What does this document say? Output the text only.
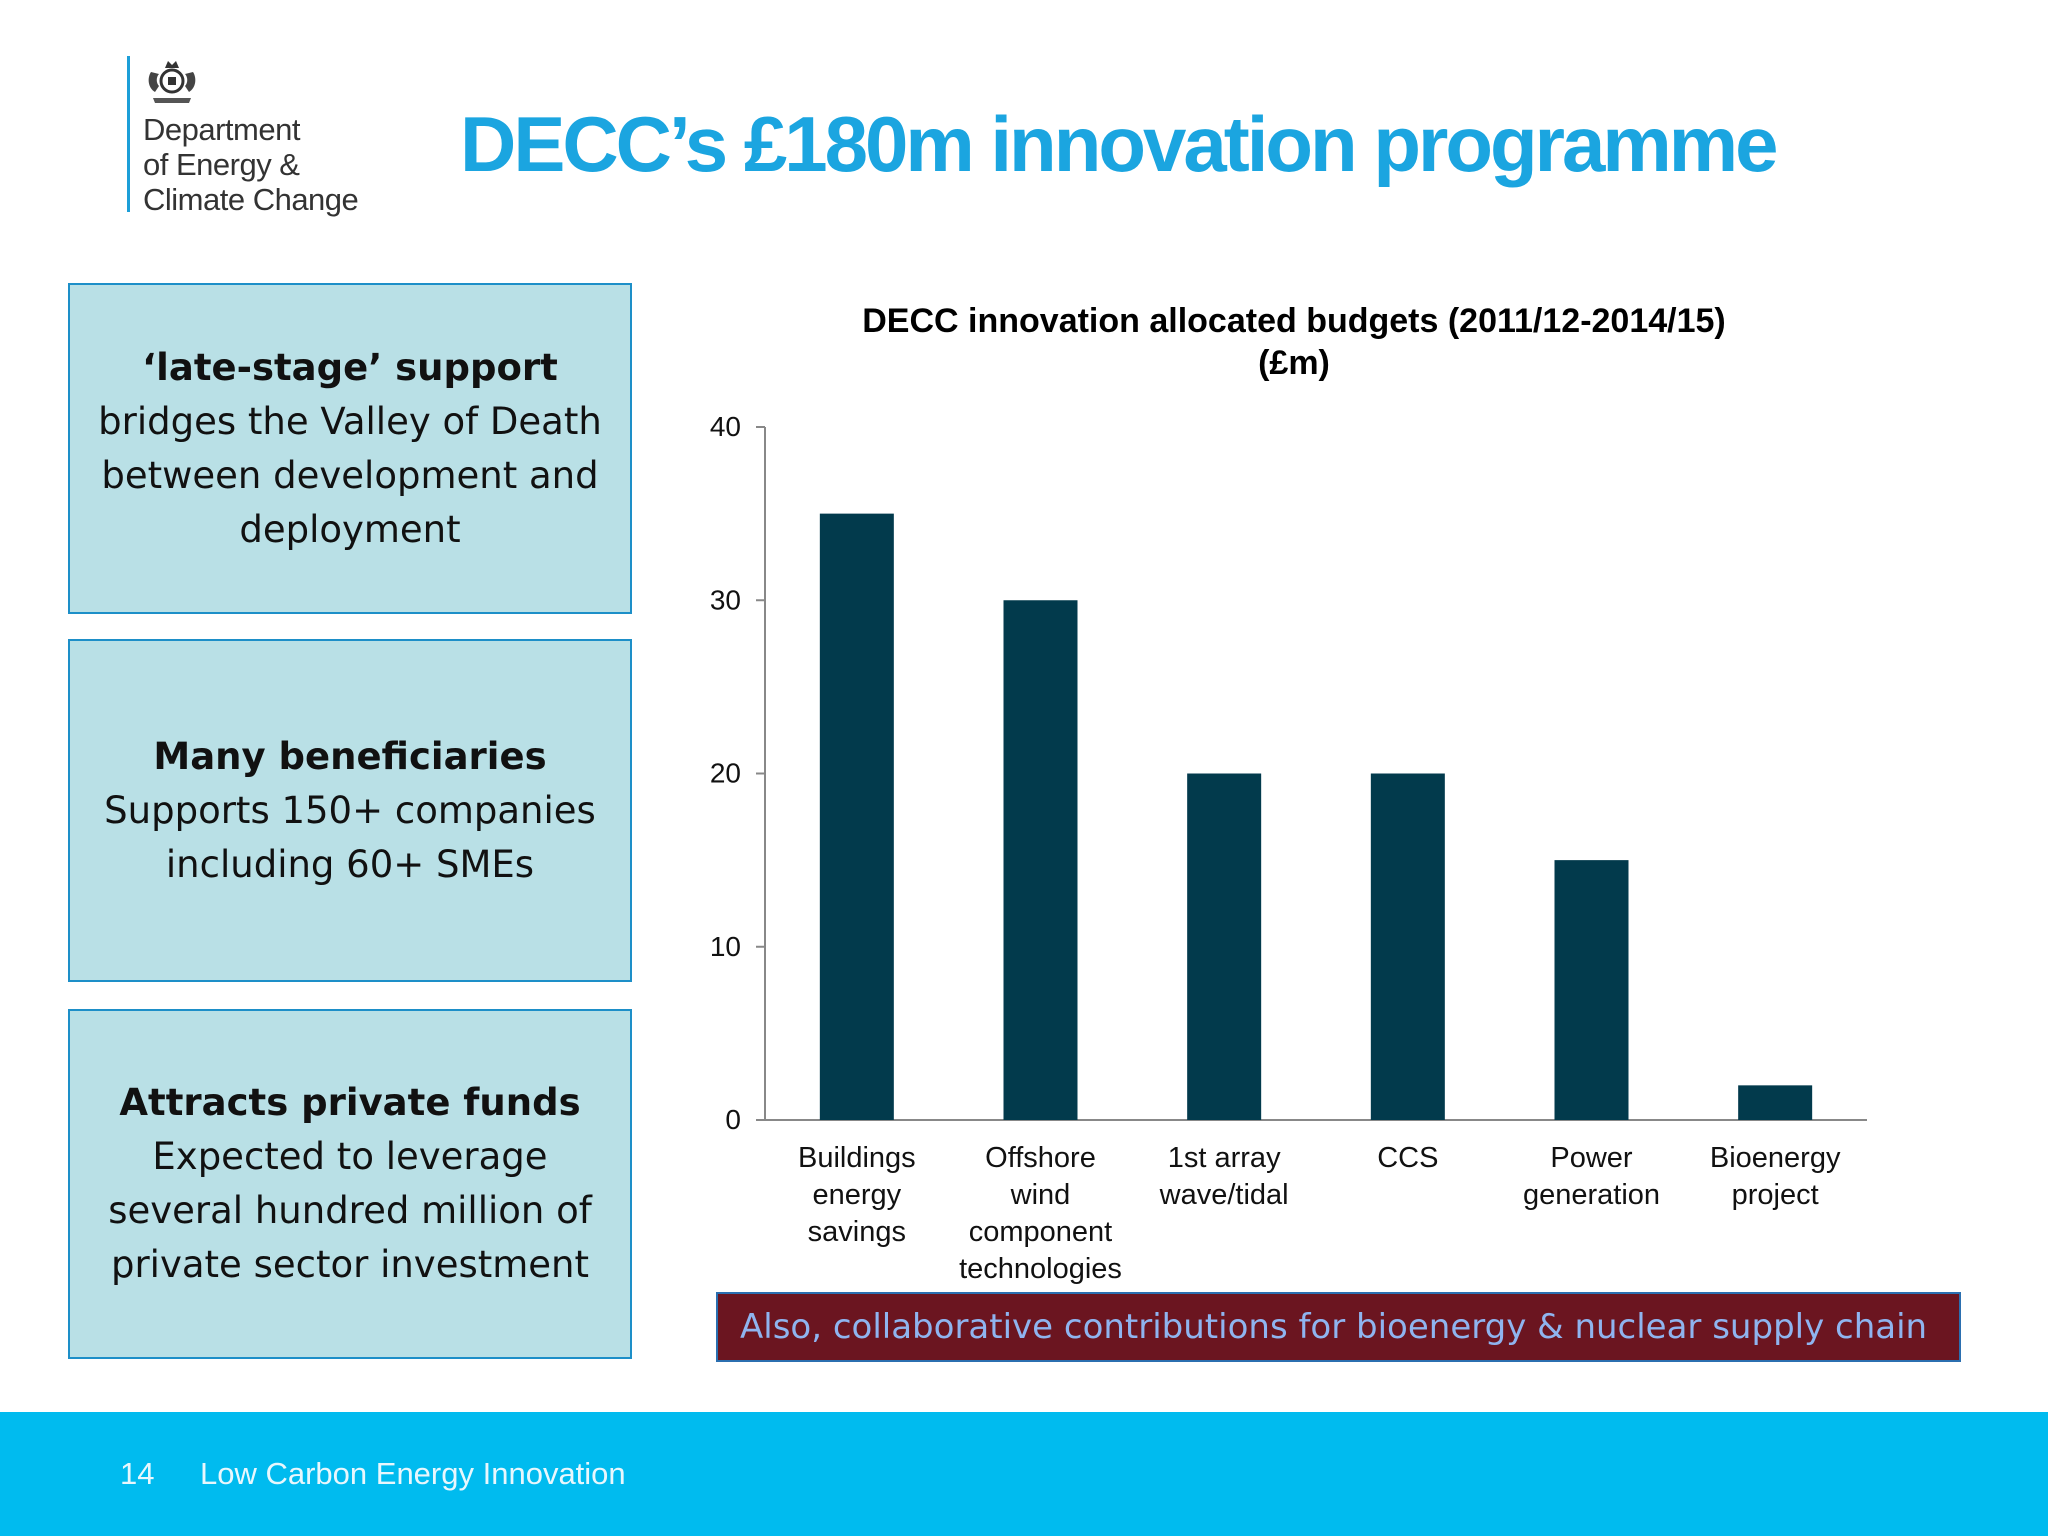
Department
of Energy &
Climate Change
DECC’s £180m innovation programme
‘late-stage’ support
bridges the Valley of Death
between development and
deployment
Many beneficiaries
Supports 150+ companies
including 60+ SMEs
Attracts private funds
Expected to leverage
several hundred million of
private sector investment
DECC innovation allocated budgets (2011/12-2014/15)
(£m)
0
10
20
30
40
Buildings
energy
savings
Offshore
wind
component
technologies
1st array
wave/tidal
CCS	Power
generation
Bioenergy
project
Also, collaborative contributions for bioenergy & nuclear supply chain
14 Low Carbon Energy Innovation
